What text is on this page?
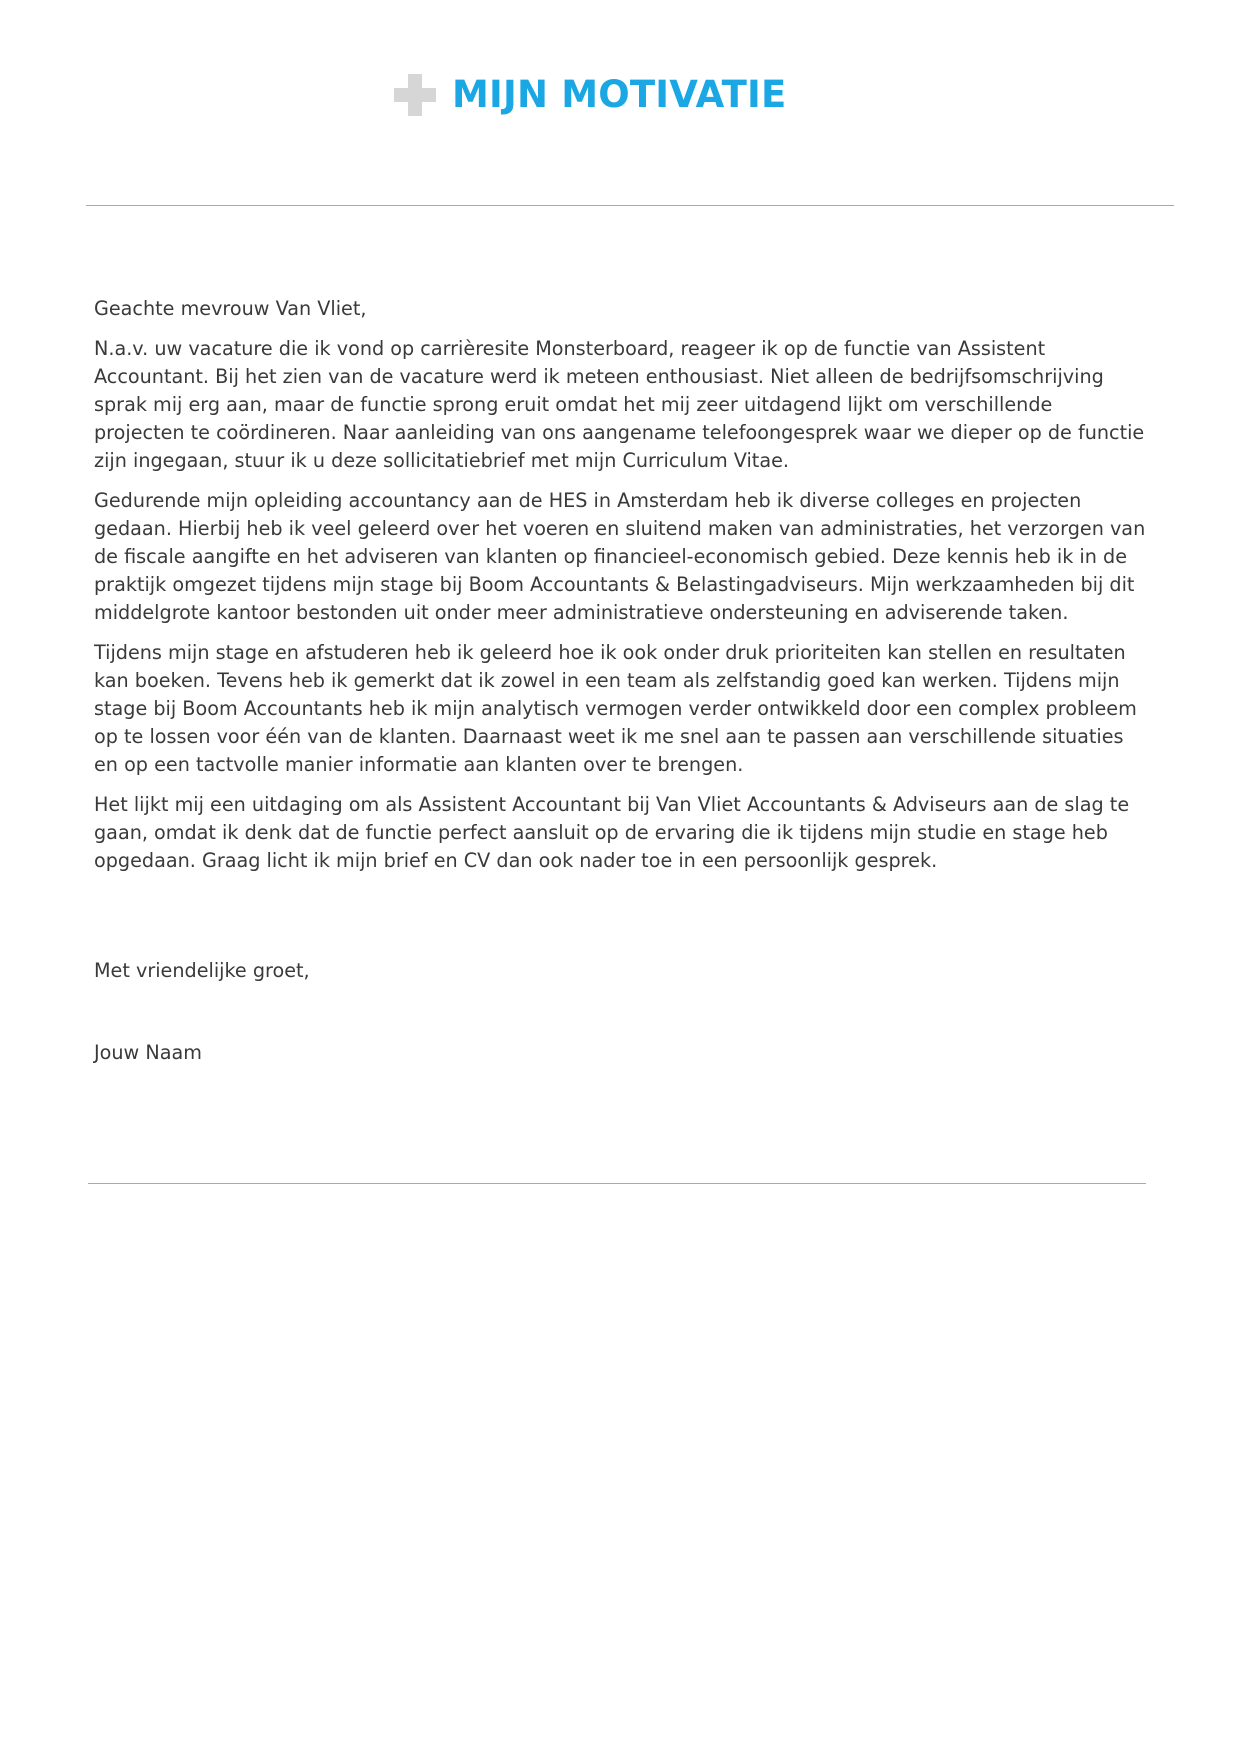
MIJN MOTIVATIE

Geachte mevrouw Van Vliet,

N.a.v. uw vacature die ik vond op carrièresite Monsterboard, reageer ik op de functie van Assistent Accountant. Bij het zien van de vacature werd ik meteen enthousiast. Niet alleen de bedrijfsomschrijving sprak mij erg aan, maar de functie sprong eruit omdat het mij zeer uitdagend lijkt om verschillende projecten te coördineren. Naar aanleiding van ons aangename telefoongesprek waar we dieper op de functie zijn ingegaan, stuur ik u deze sollicitatiebrief met mijn Curriculum Vitae.

Gedurende mijn opleiding accountancy aan de HES in Amsterdam heb ik diverse colleges en projecten gedaan. Hierbij heb ik veel geleerd over het voeren en sluitend maken van administraties, het verzorgen van de fiscale aangifte en het adviseren van klanten op financieel-economisch gebied. Deze kennis heb ik in de praktijk omgezet tijdens mijn stage bij Boom Accountants & Belastingadviseurs. Mijn werkzaamheden bij dit middelgrote kantoor bestonden uit onder meer administratieve ondersteuning en adviserende taken.

Tijdens mijn stage en afstuderen heb ik geleerd hoe ik ook onder druk prioriteiten kan stellen en resultaten kan boeken. Tevens heb ik gemerkt dat ik zowel in een team als zelfstandig goed kan werken. Tijdens mijn stage bij Boom Accountants heb ik mijn analytisch vermogen verder ontwikkeld door een complex probleem op te lossen voor één van de klanten. Daarnaast weet ik me snel aan te passen aan verschillende situaties en op een tactvolle manier informatie aan klanten over te brengen.

Het lijkt mij een uitdaging om als Assistent Accountant bij Van Vliet Accountants & Adviseurs aan de slag te gaan, omdat ik denk dat de functie perfect aansluit op de ervaring die ik tijdens mijn studie en stage heb opgedaan. Graag licht ik mijn brief en CV dan ook nader toe in een persoonlijk gesprek.

Met vriendelijke groet,
Jouw Naam
